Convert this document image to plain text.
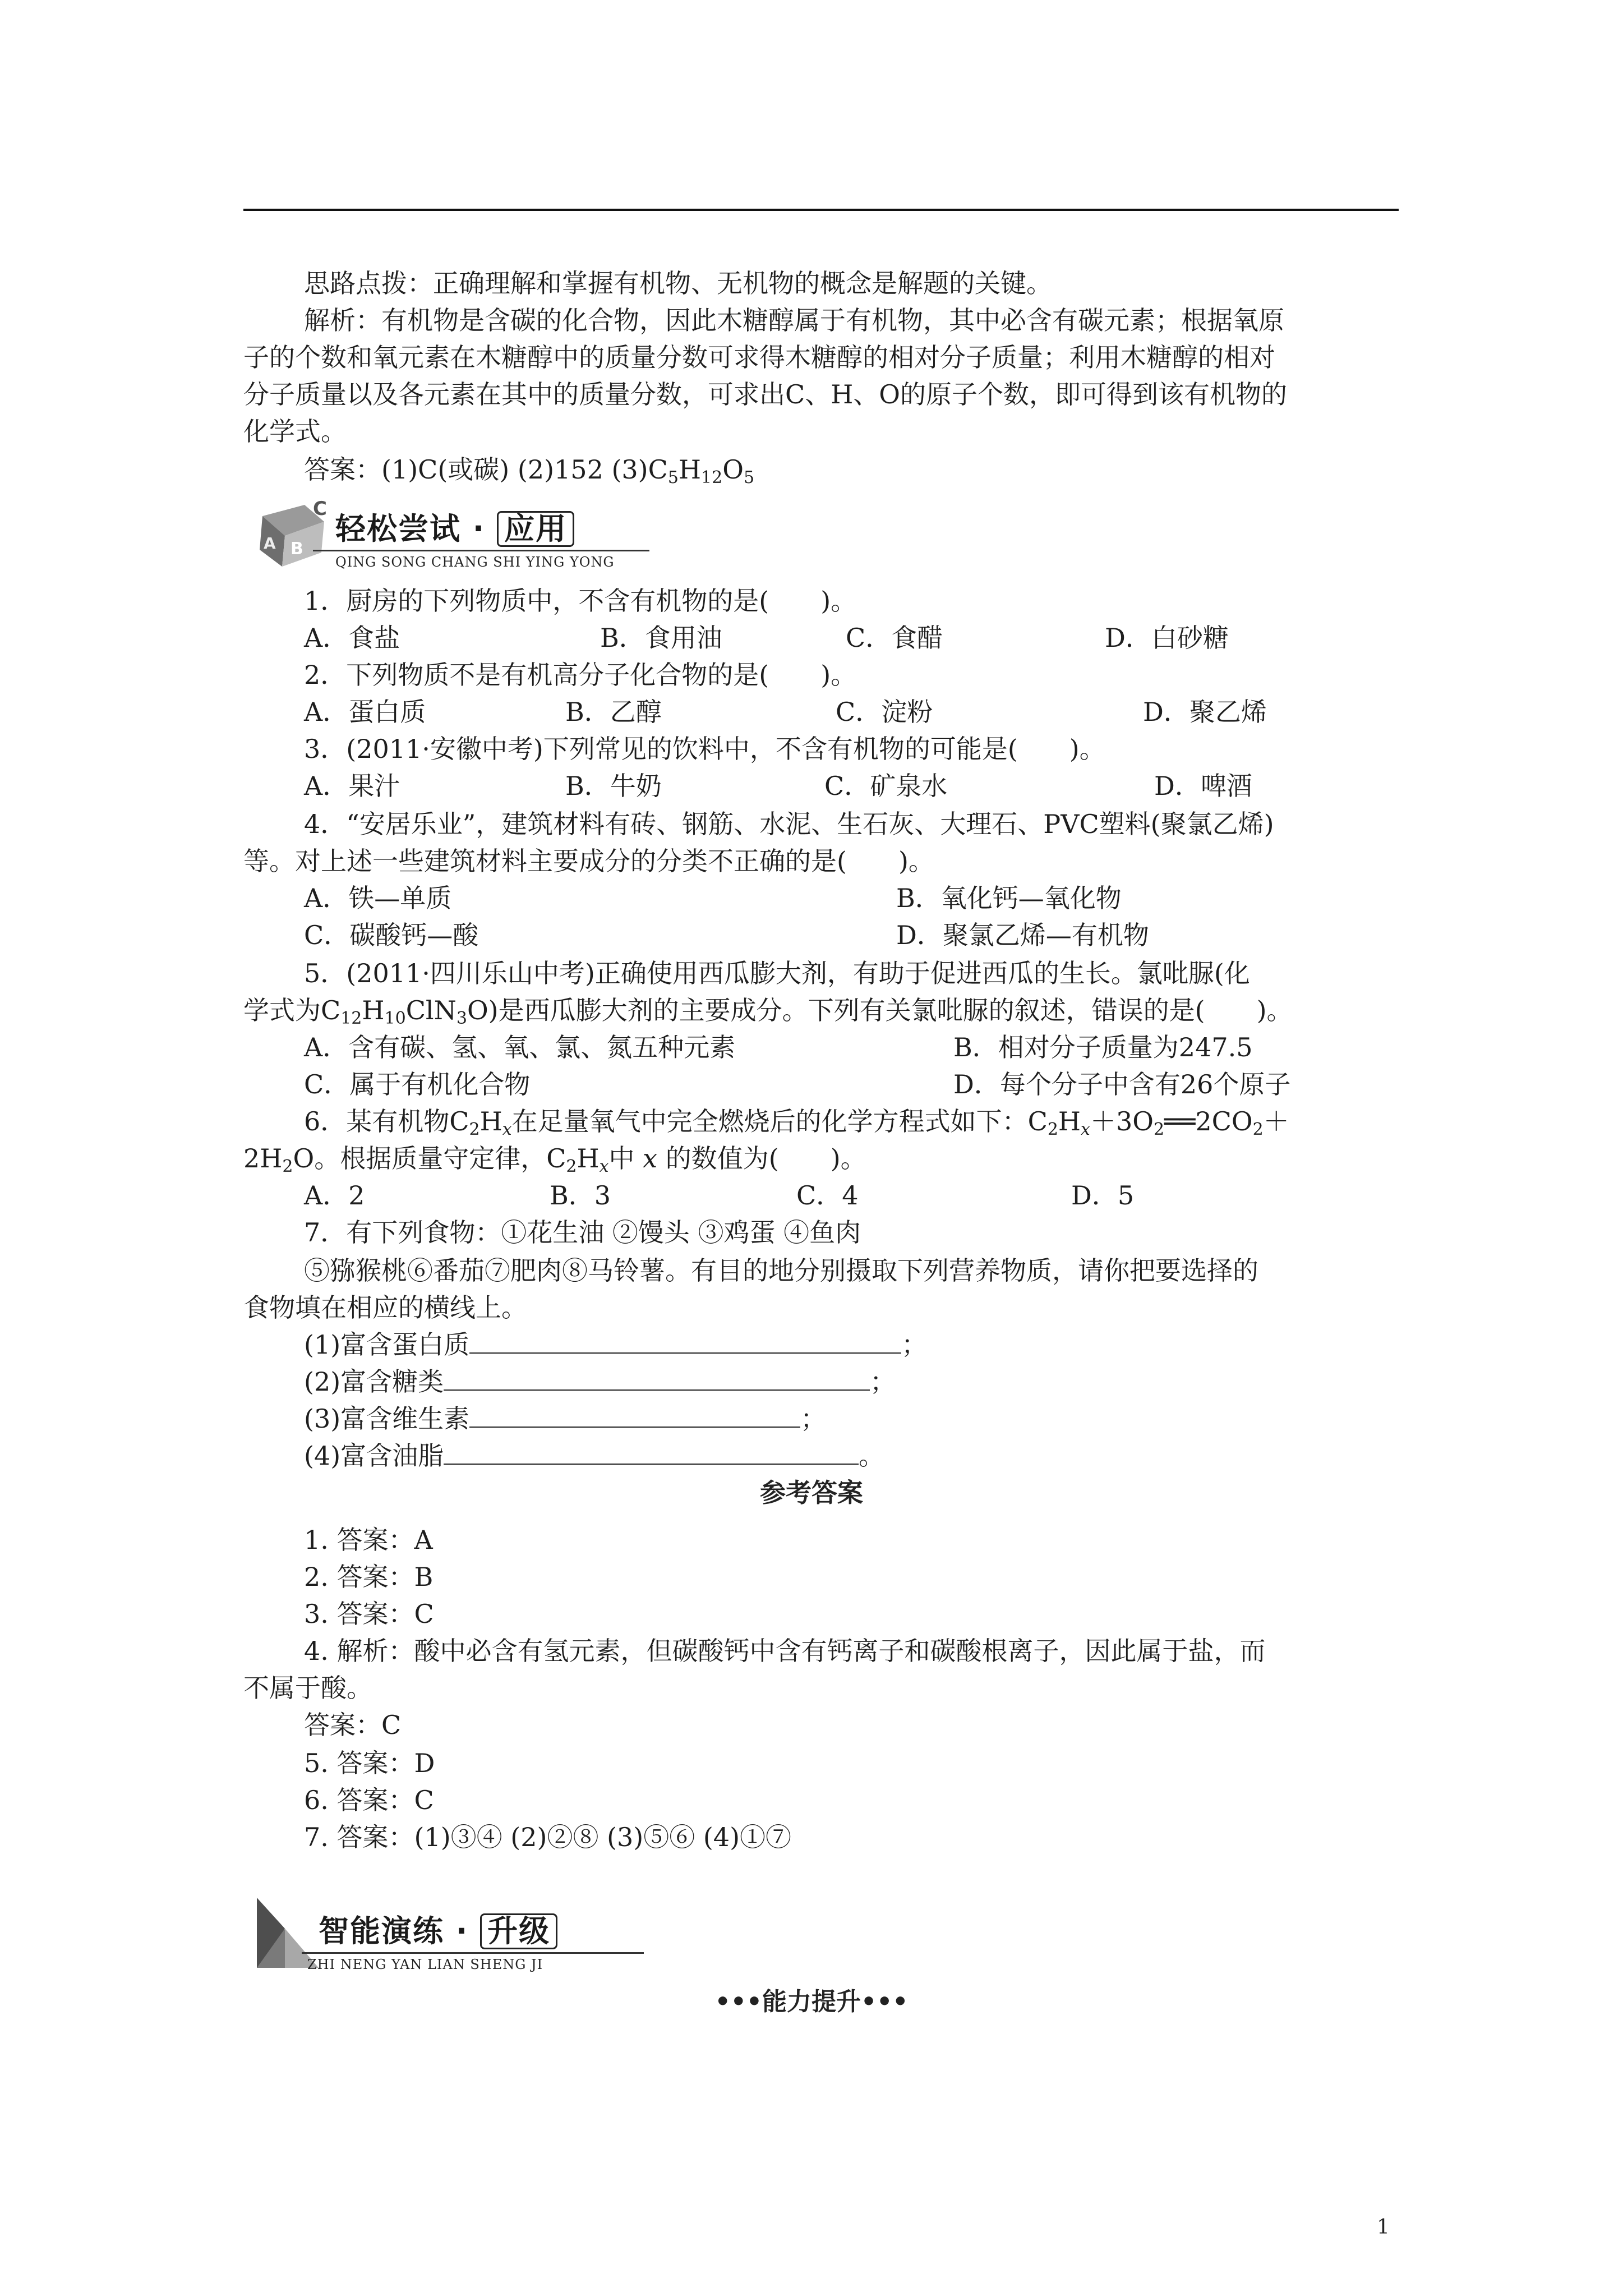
思路点拨：正确理解和掌握有机物、无机物的概念是解题的关键。
解析：有机物是含碳的化合物，因此木糖醇属于有机物，其中必含有碳元素；根据氧原
子的个数和氧元素在木糖醇中的质量分数可求得木糖醇的相对分子质量；利用木糖醇的相对
分子质量以及各元素在其中的质量分数，可求出C、H、O的原子个数，即可得到该有机物的
化学式。
答案：(1)C(或碳) (2)152 $(3)C_5H_{12}O_5$
C
B
A 轻松尝试 · 应用
QING SONG CHANG SHI YING YONG
1．厨房的下列物质中，不含有机物的是(　　)。
A．食盐	B．食用油	C．食醋	D．白砂糖
2．下列物质不是有机高分子化合物的是(　　)。
A．蛋白质	B．乙醇	C．淀粉	D．聚乙烯
3．(2011·安徽中考)下列常见的饮料中，不含有机物的可能是(　　)。
A．果汁	B．牛奶	C．矿泉水	D．啤酒
4．“安居乐业”，建筑材料有砖、钢筋、水泥、生石灰、大理石、PVC塑料(聚氯乙烯)
等。对上述一些建筑材料主要成分的分类不正确的是(　　)。
A．铁—单质	B．氧化钙—氧化物
C．碳酸钙—酸	D．聚氯乙烯—有机物
5．(2011·四川乐山中考)正确使用西瓜膨大剂，有助于促进西瓜的生长。氯吡脲(化
学式为$C_{12}H_{10}ClN_3O$)是西瓜膨大剂的主要成分。下列有关氯吡脲的叙述，错误的是(　　)。
A．含有碳、氢、氧、氯、氮五种元素	B．相对分子质量为247.5
C．属于有机化合物	D．每个分子中含有26个原子
6．某有机物$C_2H_x$在足量氧气中完全燃烧后的化学方程式如下：$C_2H_x+3O_2══2CO_2+$
$2H_2O$。根据质量守定律，$C_2H_x$中 x 的数值为(　　)。
A．2	B．3	C．4	D．5
7．有下列食物：①花生油 ②馒头 ③鸡蛋 ④鱼肉
⑤猕猴桃⑥番茄⑦肥肉⑧马铃薯。有目的地分别摄取下列营养物质，请你把要选择的
食物填在相应的横线上。
(1)富含蛋白质	；
(2)富含糖类	；
(3)富含维生素	；
(4)富含油脂	。
参考答案
1. 答案：A
2. 答案：B
3. 答案：C
4. 解析：酸中必含有氢元素，但碳酸钙中含有钙离子和碳酸根离子，因此属于盐，而
不属于酸。
答案：C
5. 答案：D
6. 答案：C
7. 答案：(1)③④ (2)②⑧ (3)⑤⑥ (4)①⑦
智能演练 · 升级
ZHI NENG YAN LIAN SHENG JI
•••能力提升•••
1
